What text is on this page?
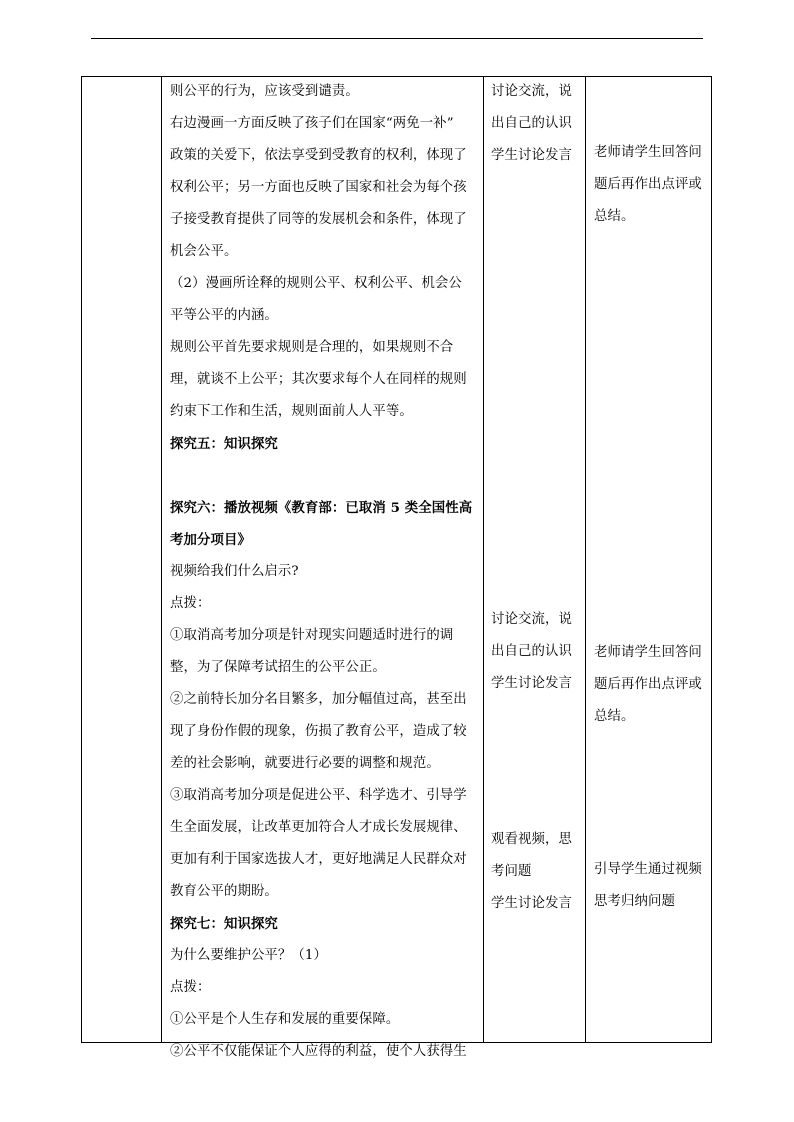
则公平的行为，应该受到谴责。
右边漫画一方面反映了孩子们在国家“两免一补”
政策的关爱下，依法享受到受教育的权利，体现了
权利公平；另一方面也反映了国家和社会为每个孩
子接受教育提供了同等的发展机会和条件，体现了
机会公平。
（2）漫画所诠释的规则公平、权利公平、机会公
平等公平的内涵。
规则公平首先要求规则是合理的，如果规则不合
理，就谈不上公平；其次要求每个人在同样的规则
约束下工作和生活，规则面前人人平等。
探究五：知识探究
探究六：播放视频《教育部：已取消 5 类全国性高
考加分项目》
视频给我们什么启示?
点拨：
①取消高考加分项是针对现实问题适时进行的调
整，为了保障考试招生的公平公正。
②之前特长加分名目繁多，加分幅值过高，甚至出
现了身份作假的现象，伤损了教育公平，造成了较
差的社会影响，就要进行必要的调整和规范。
③取消高考加分项是促进公平、科学选才、引导学
生全面发展，让改革更加符合人才成长发展规律、
更加有利于国家选拔人才，更好地满足人民群众对
教育公平的期盼。
探究七：知识探究
为什么要维护公平？（1）
点拨：
①公平是个人生存和发展的重要保障。
②公平不仅能保证个人应得的利益，使个人获得生
讨论交流，说
出自己的认识
学生讨论发言
讨论交流，说
出自己的认识
学生讨论发言
观看视频，思
考问题
学生讨论发言
老师请学生回答问
题后再作出点评或
总结。
老师请学生回答问
题后再作出点评或
总结。
引导学生通过视频
思考归纳问题
